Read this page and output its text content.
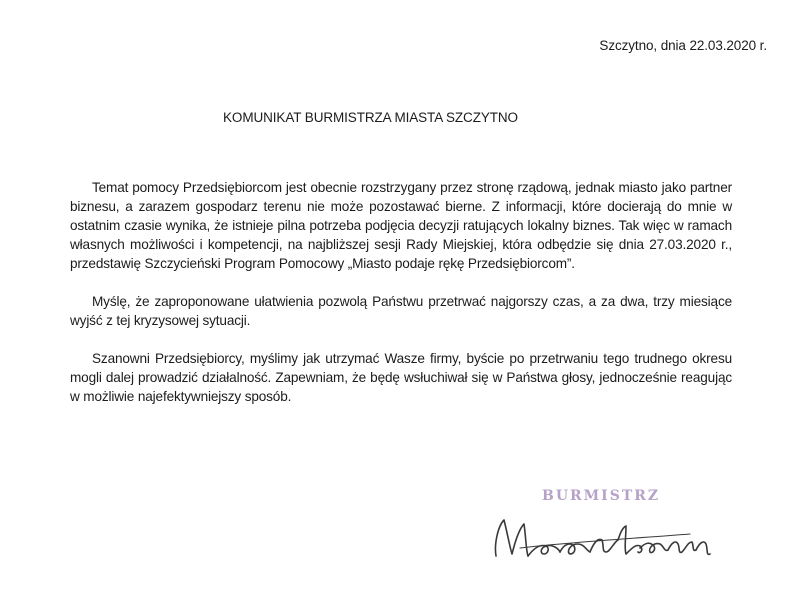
Szczytno, dnia 22.03.2020 r.
KOMUNIKAT BURMISTRZA MIASTA SZCZYTNO

Temat pomocy Przedsiębiorcom jest obecnie rozstrzygany przez stronę rządową, jednak miasto jako partner biznesu, a zarazem gospodarz terenu nie może pozostawać bierne. Z informacji, które docierają do mnie w ostatnim czasie wynika, że istnieje pilna potrzeba podjęcia decyzji ratujących lokalny biznes. Tak więc w ramach własnych możliwości i kompetencji, na najbliższej sesji Rady Miejskiej, która odbędzie się dnia 27.03.2020 r., przedstawię Szczycieński Program Pomocowy „Miasto podaje rękę Przedsiębiorcom”.

Myślę, że zaproponowane ułatwienia pozwolą Państwu przetrwać najgorszy czas, a za dwa, trzy miesiące wyjść z tej kryzysowej sytuacji.

Szanowni Przedsiębiorcy, myślimy jak utrzymać Wasze firmy, byście po przetrwaniu tego trudnego okresu mogli dalej prowadzić działalność. Zapewniam, że będę wsłuchiwał się w Państwa głosy, jednocześnie reagując w możliwie najefektywniejszy sposób.

BURMISTRZ
